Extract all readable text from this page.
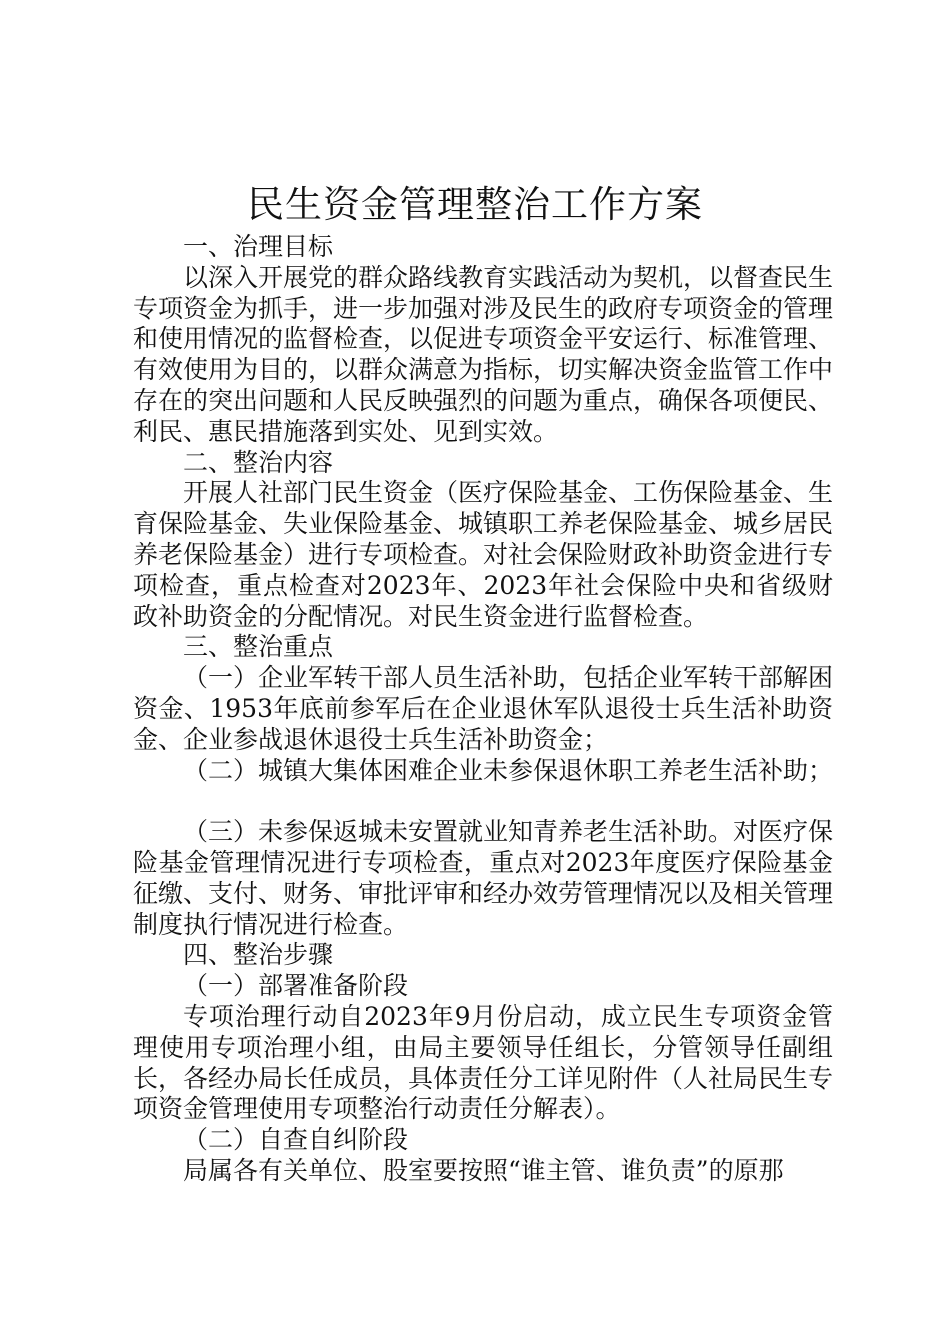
民生资金管理整治工作方案

一、治理目标

以深入开展党的群众路线教育实践活动为契机，以督查民生专项资金为抓手，进一步加强对涉及民生的政府专项资金的管理和使用情况的监督检查，以促进专项资金平安运行、标准管理、有效使用为目的，以群众满意为指标，切实解决资金监管工作中存在的突出问题和人民反映强烈的问题为重点，确保各项便民、利民、惠民措施落到实处、见到实效。

二、整治内容

开展人社部门民生资金（医疗保险基金、工伤保险基金、生育保险基金、失业保险基金、城镇职工养老保险基金、城乡居民养老保险基金）进行专项检查。对社会保险财政补助资金进行专项检查，重点检查对2023年、2023年社会保险中央和省级财政补助资金的分配情况。对民生资金进行监督检查。

三、整治重点

（一）企业军转干部人员生活补助，包括企业军转干部解困资金、1953年底前参军后在企业退休军队退役士兵生活补助资金、企业参战退休退役士兵生活补助资金；

（二）城镇大集体困难企业未参保退休职工养老生活补助；

（三）未参保返城未安置就业知青养老生活补助。对医疗保险基金管理情况进行专项检查，重点对2023年度医疗保险基金征缴、支付、财务、审批评审和经办效劳管理情况以及相关管理制度执行情况进行检查。

四、整治步骤

（一）部署准备阶段

专项治理行动自2023年9月份启动，成立民生专项资金管理使用专项治理小组，由局主要领导任组长，分管领导任副组长，各经办局长任成员，具体责任分工详见附件（人社局民生专项资金管理使用专项整治行动责任分解表）。

（二）自查自纠阶段

局属各有关单位、股室要按照“谁主管、谁负责”的原那
